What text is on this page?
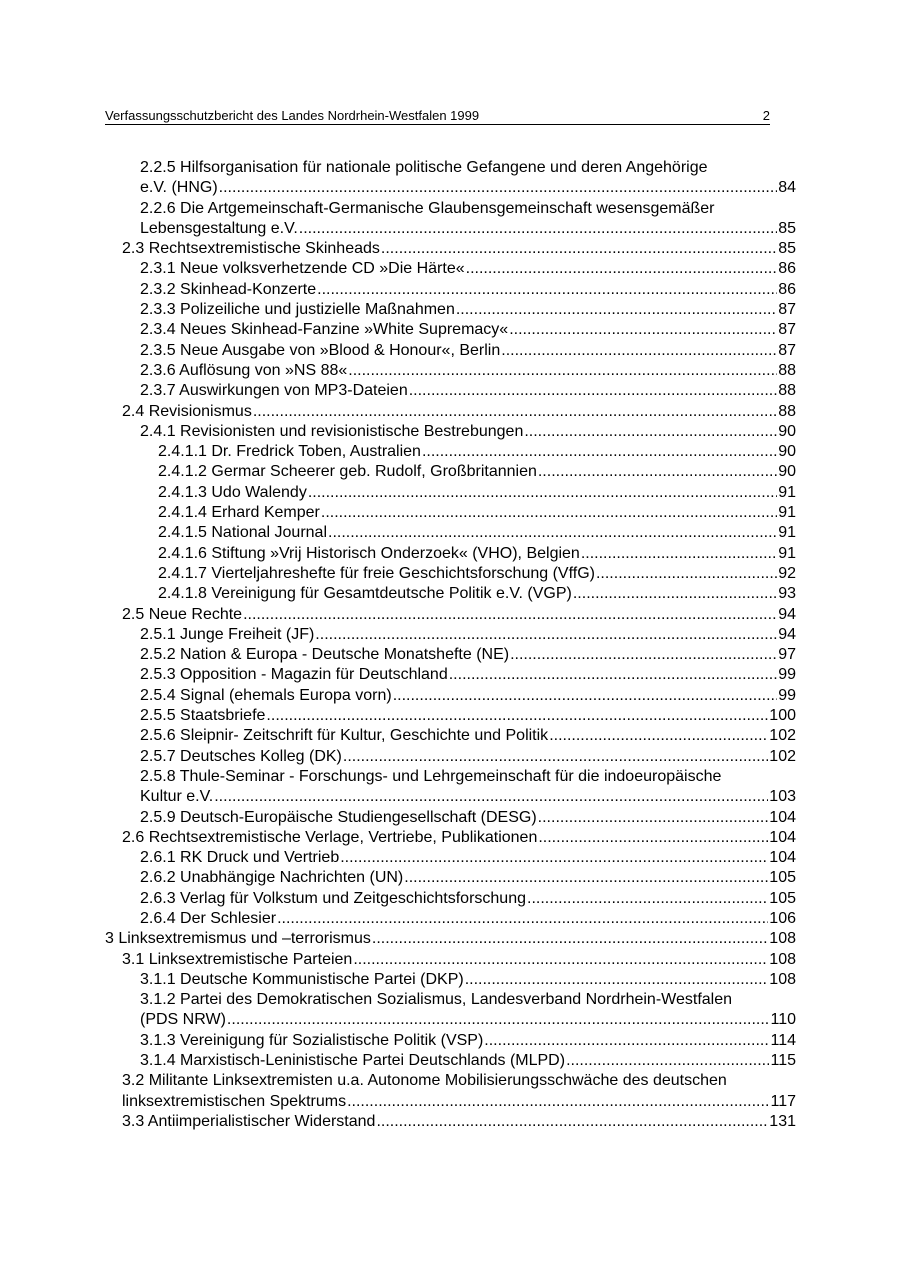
Verfassungsschutzbericht des Landes Nordrhein-Westfalen 1999	2
2.2.5 Hilfsorganisation für nationale politische Gefangene und deren Angehörige
e.V. (HNG) .....	84
2.2.6 Die Artgemeinschaft-Germanische Glaubensgemeinschaft wesensgemäßer
Lebensgestaltung e.V. .....	85
2.3 Rechtsextremistische Skinheads .....	85
2.3.1 Neue volksverhetzende CD »Die Härte« .....	86
2.3.2 Skinhead-Konzerte .....	86
2.3.3 Polizeiliche und justizielle Maßnahmen .....	87
2.3.4 Neues Skinhead-Fanzine »White Supremacy« .....	87
2.3.5 Neue Ausgabe von »Blood & Honour«, Berlin .....	87
2.3.6 Auflösung von »NS 88« .....	88
2.3.7 Auswirkungen von MP3-Dateien .....	88
2.4 Revisionismus .....	88
2.4.1 Revisionisten und revisionistische Bestrebungen .....	90
2.4.1.1 Dr. Fredrick Toben, Australien .....	90
2.4.1.2 Germar Scheerer geb. Rudolf, Großbritannien .....	90
2.4.1.3 Udo Walendy .....	91
2.4.1.4 Erhard Kemper .....	91
2.4.1.5 National Journal .....	91
2.4.1.6 Stiftung »Vrij Historisch Onderzoek« (VHO), Belgien .....	91
2.4.1.7 Vierteljahreshefte für freie Geschichtsforschung (VffG) .....	92
2.4.1.8 Vereinigung für Gesamtdeutsche Politik e.V. (VGP) .....	93
2.5 Neue Rechte .....	94
2.5.1 Junge Freiheit (JF) .....	94
2.5.2 Nation & Europa - Deutsche Monatshefte (NE) .....	97
2.5.3 Opposition - Magazin für Deutschland .....	99
2.5.4 Signal (ehemals Europa vorn) .....	99
2.5.5 Staatsbriefe .....	100
2.5.6 Sleipnir- Zeitschrift für Kultur, Geschichte und Politik .....	102
2.5.7 Deutsches Kolleg (DK) .....	102
2.5.8 Thule-Seminar - Forschungs- und Lehrgemeinschaft für die indoeuropäische
Kultur e.V. .....	103
2.5.9 Deutsch-Europäische Studiengesellschaft (DESG) .....	104
2.6 Rechtsextremistische Verlage, Vertriebe, Publikationen .....	104
2.6.1 RK Druck und Vertrieb .....	104
2.6.2 Unabhängige Nachrichten (UN) .....	105
2.6.3 Verlag für Volkstum und Zeitgeschichtsforschung .....	105
2.6.4 Der Schlesier .....	106
3 Linksextremismus und –terrorismus .....	108
3.1 Linksextremistische Parteien .....	108
3.1.1 Deutsche Kommunistische Partei (DKP) .....	108
3.1.2 Partei des Demokratischen Sozialismus, Landesverband Nordrhein-Westfalen
(PDS NRW) .....	110
3.1.3 Vereinigung für Sozialistische Politik (VSP) .....	114
3.1.4 Marxistisch-Leninistische Partei Deutschlands (MLPD) .....	115
3.2 Militante Linksextremisten u.a. Autonome Mobilisierungsschwäche des deutschen
linksextremistischen Spektrums .....	117
3.3 Antiimperialistischer Widerstand .....	131
